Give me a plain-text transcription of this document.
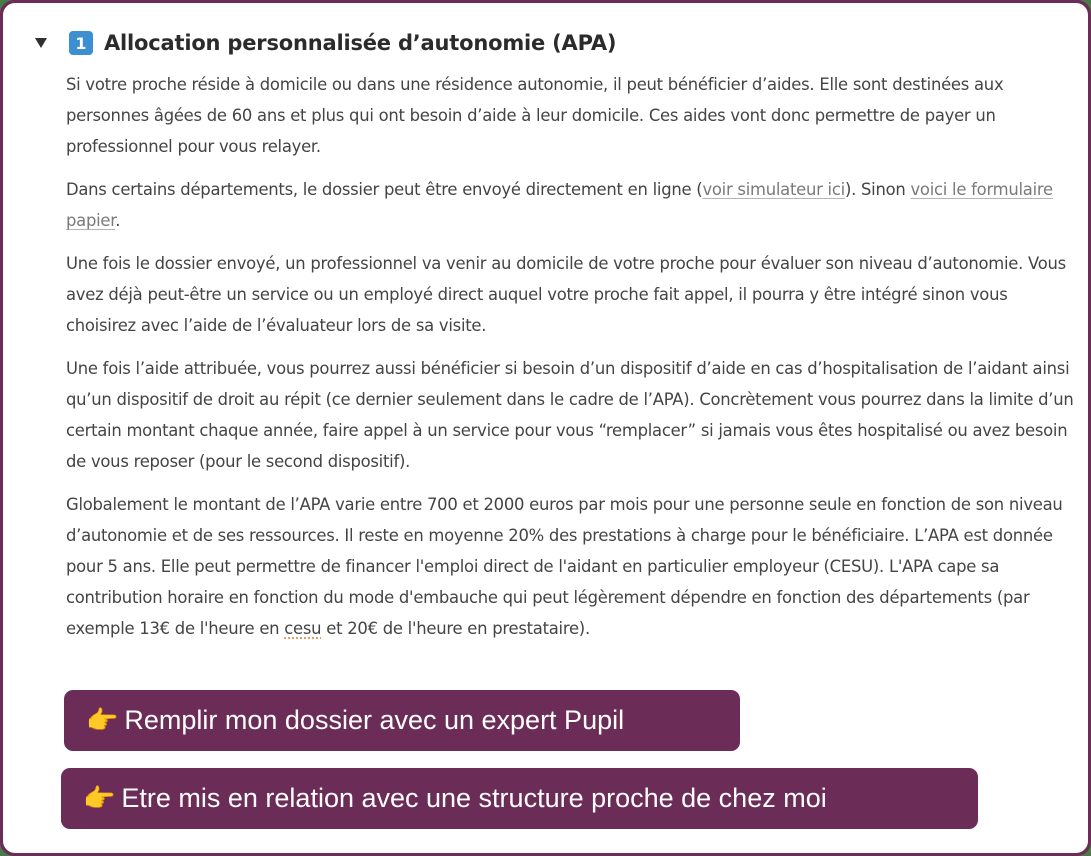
1 Allocation personnalisée d’autonomie (APA)

Si votre proche réside à domicile ou dans une résidence autonomie, il peut bénéficier d’aides. Elle sont destinées aux personnes âgées de 60 ans et plus qui ont besoin d’aide à leur domicile. Ces aides vont donc permettre de payer un professionnel pour vous relayer.

Dans certains départements, le dossier peut être envoyé directement en ligne (voir simulateur ici). Sinon voici le formulaire papier.

Une fois le dossier envoyé, un professionnel va venir au domicile de votre proche pour évaluer son niveau d’autonomie. Vous avez déjà peut-être un service ou un employé direct auquel votre proche fait appel, il pourra y être intégré sinon vous choisirez avec l’aide de l’évaluateur lors de sa visite.

Une fois l’aide attribuée, vous pourrez aussi bénéficier si besoin d’un dispositif d’aide en cas d’hospitalisation de l’aidant ainsi qu’un dispositif de droit au répit (ce dernier seulement dans le cadre de l’APA). Concrètement vous pourrez dans la limite d’un certain montant chaque année, faire appel à un service pour vous “remplacer” si jamais vous êtes hospitalisé ou avez besoin de vous reposer (pour le second dispositif).

Globalement le montant de l’APA varie entre 700 et 2000 euros par mois pour une personne seule en fonction de son niveau d’autonomie et de ses ressources. Il reste en moyenne 20% des prestations à charge pour le bénéficiaire. L’APA est donnée pour 5 ans. Elle peut permettre de financer l'emploi direct de l'aidant en particulier employeur (CESU). L'APA cape sa contribution horaire en fonction du mode d'embauche qui peut légèrement dépendre en fonction des départements (par exemple 13€ de l'heure en cesu et 20€ de l'heure en prestataire).

👉 Remplir mon dossier avec un expert Pupil
👉 Etre mis en relation avec une structure proche de chez moi
